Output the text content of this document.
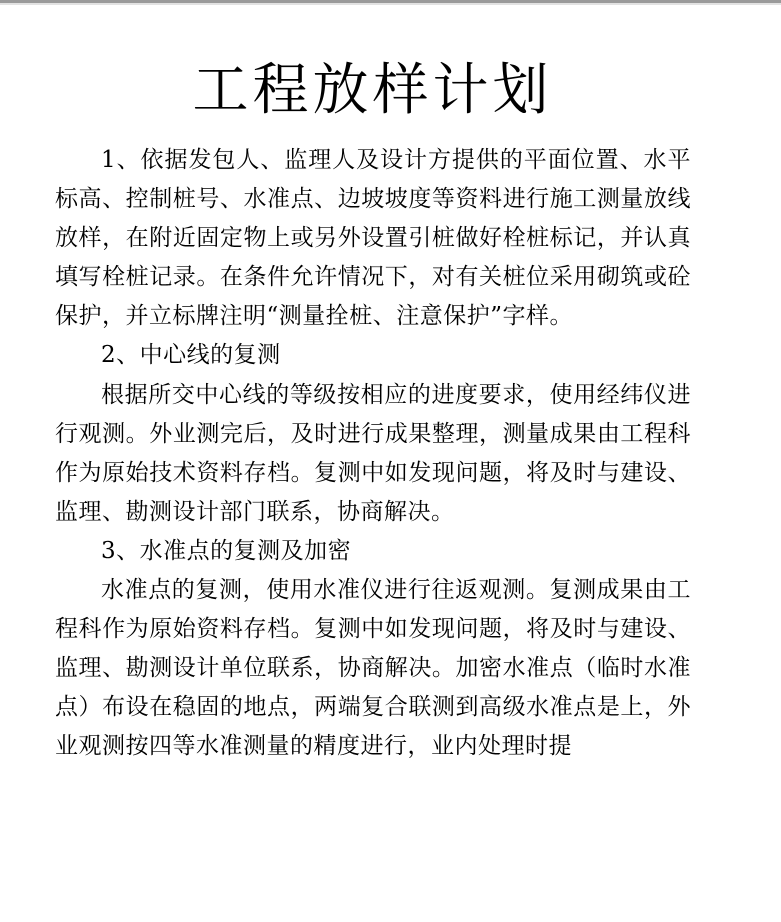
工程放样计划

1、依据发包人、监理人及设计方提供的平面位置、水平标高、控制桩号、水准点、边坡坡度等资料进行施工测量放线放样，在附近固定物上或另外设置引桩做好栓桩标记，并认真填写栓桩记录。在条件允许情况下，对有关桩位采用砌筑或砼保护，并立标牌注明“测量拴桩、注意保护”字样。

2、中心线的复测

根据所交中心线的等级按相应的进度要求，使用经纬仪进行观测。外业测完后，及时进行成果整理，测量成果由工程科作为原始技术资料存档。复测中如发现问题，将及时与建设、监理、勘测设计部门联系，协商解决。

3、水准点的复测及加密

水准点的复测，使用水准仪进行往返观测。复测成果由工程科作为原始资料存档。复测中如发现问题，将及时与建设、监理、勘测设计单位联系，协商解决。加密水准点（临时水准点）布设在稳固的地点，两端复合联测到高级水准点是上，外业观测按四等水准测量的精度进行，业内处理时提
